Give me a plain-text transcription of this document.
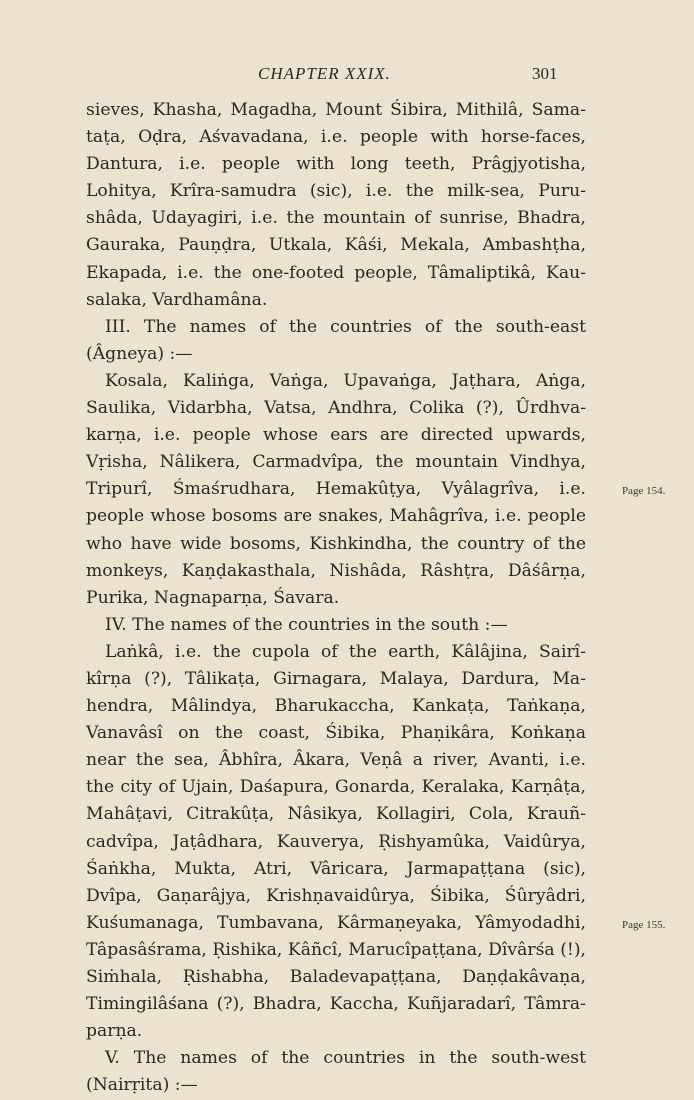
CHAPTER XXIX.	301
sieves, Khasha, Magadha, Mount Śibira, Mithilâ, Sama-
taṭa, Oḍra, Aśvavadana, i.e. people with horse-faces,
Dantura, i.e. people with long teeth, Prâgjyotisha,
Lohitya, Krîra-samudra (sic), i.e. the milk-sea, Puru-
shâda, Udayagiri, i.e. the mountain of sunrise, Bhadra,
Gauraka, Pauṇḍra, Utkala, Kâśi, Mekala, Ambashṭha,
Ekapada, i.e. the one-footed people, Tâmaliptikâ, Kau-
salaka, Vardhamâna.
III. The names of the countries of the south-east
(Âgneya) :—
Kosala, Kaliṅga, Vaṅga, Upavaṅga, Jaṭhara, Aṅga,
Saulika, Vidarbha, Vatsa, Andhra, Colika (?), Ûrdhva-
karṇa, i.e. people whose ears are directed upwards,
Vṛisha, Nâlikera, Carmadvîpa, the mountain Vindhya,
Tripurî, Śmaśrudhara, Hemakûṭya, Vyâlagrîva, i.e.	Page 154.
people whose bosoms are snakes, Mahâgrîva, i.e. people
who have wide bosoms, Kishkindha, the country of the
monkeys, Kaṇḍakasthala, Nishâda, Râshṭra, Dâśârṇa,
Purika, Nagnaparṇa, Śavara.
IV. The names of the countries in the south :—
Laṅkâ, i.e. the cupola of the earth, Kâlâjina, Sairî-
kîrṇa (?), Tâlikaṭa, Girnagara, Malaya, Dardura, Ma-
hendra, Mâlindya, Bharukaccha, Kankaṭa, Taṅkaṇa,
Vanavâsî on the coast, Śibika, Phaṇikâra, Koṅkaṇa
near the sea, Âbhîra, Âkara, Veṇâ a river, Avanti, i.e.
the city of Ujain, Daśapura, Gonarda, Keralaka, Karṇâṭa,
Mahâṭavi, Citrakûṭa, Nâsikya, Kollagiri, Cola, Krauñ-
cadvîpa, Jaṭâdhara, Kauverya, Ṛishyamûka, Vaidûrya,
Śaṅkha, Mukta, Atri, Vâricara, Jarmapaṭṭana (sic),
Dvîpa, Gaṇarâjya, Krishṇavaidûrya, Śibika, Śûryâdri,
Kuśumanaga, Tumbavana, Kârmaṇeyaka, Yâmyodadhi,	Page 155.
Tâpasâśrama, Ṛishika, Kâñcî, Marucîpaṭṭana, Dîvârśa (!),
Siṁhala, Ṛishabha, Baladevapaṭṭana, Daṇḍakâvaṇa,
Timingilâśana (?), Bhadra, Kaccha, Kuñjaradarî, Tâmra-
parṇa.
V. The names of the countries in the south-west
(Nairṛita) :—
